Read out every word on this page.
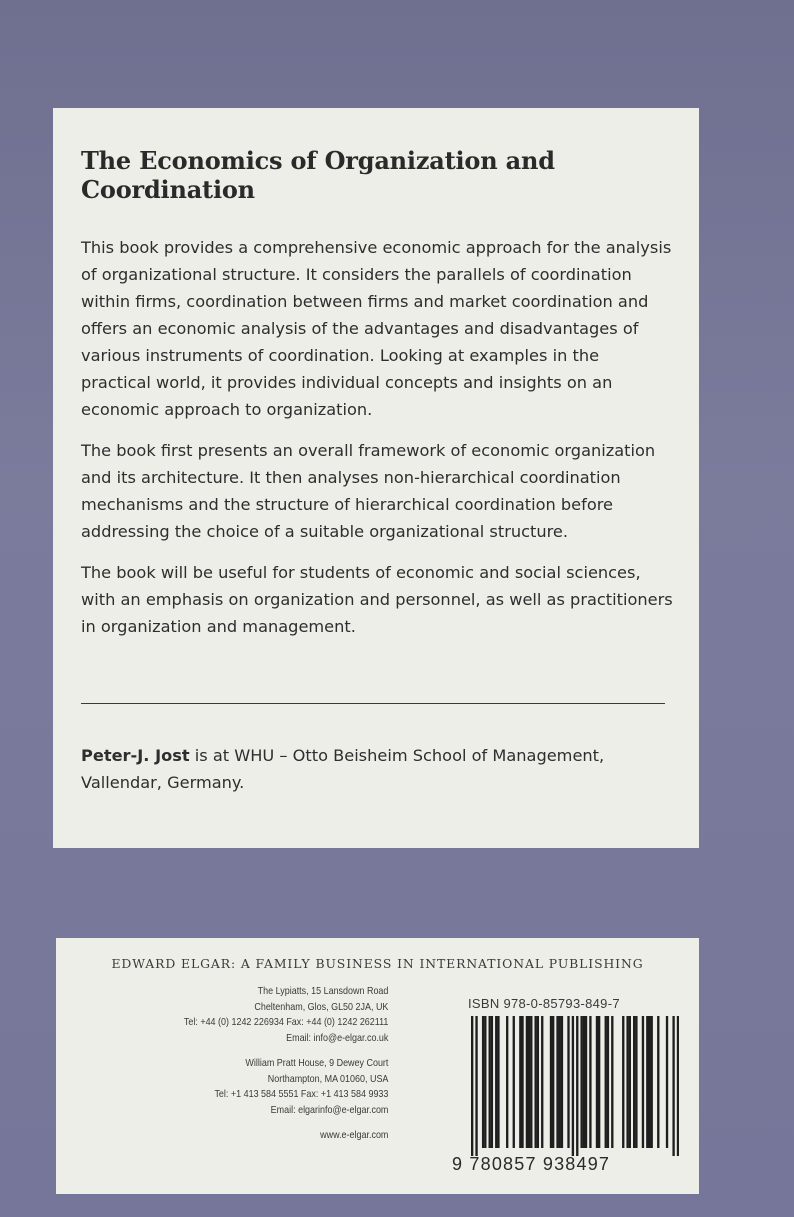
The Economics of Organization and Coordination

This book provides a comprehensive economic approach for the analysis of organizational structure. It considers the parallels of coordination within firms, coordination between firms and market coordination and offers an economic analysis of the advantages and disadvantages of various instruments of coordination. Looking at examples in the practical world, it provides individual concepts and insights on an economic approach to organization.

The book first presents an overall framework of economic organization and its architecture. It then analyses non-hierarchical coordination mechanisms and the structure of hierarchical coordination before addressing the choice of a suitable organizational structure.

The book will be useful for students of economic and social sciences, with an emphasis on organization and personnel, as well as practitioners in organization and management.

Peter-J. Jost is at WHU – Otto Beisheim School of Management, Vallendar, Germany.
EDWARD ELGAR: A FAMILY BUSINESS IN INTERNATIONAL PUBLISHING
The Lypiatts, 15 Lansdown Road
Cheltenham, Glos, GL50 2JA, UK
Tel: +44 (0) 1242 226934 Fax: +44 (0) 1242 262111
Email: info@e-elgar.co.uk
William Pratt House, 9 Dewey Court
Northampton, MA 01060, USA
Tel: +1 413 584 5551 Fax: +1 413 584 9933
Email: elgarinfo@e-elgar.com
www.e-elgar.com
ISBN 978-0-85793-849-7
9 780857 938497
